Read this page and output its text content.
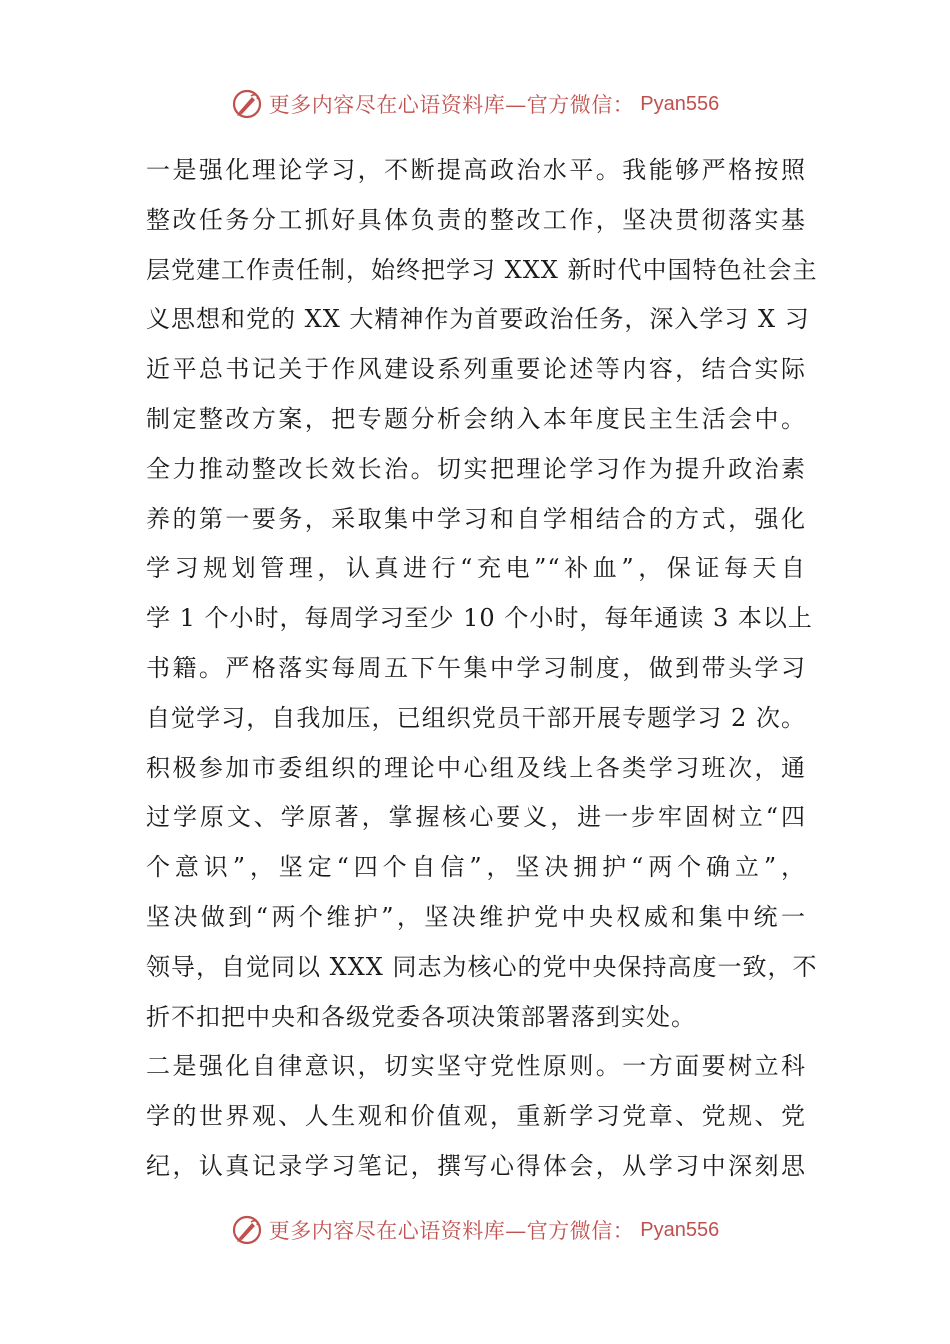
更多内容尽在心语资料库—官方微信： Pyan556
一是强化理论学习，不断提高政治水平。我能够严格按照
整改任务分工抓好具体负责的整改工作，坚决贯彻落实基
层党建工作责任制，始终把学习 XXX 新时代中国特色社会主
义思想和党的 XX 大精神作为首要政治任务，深入学习 X 习
近平总书记关于作风建设系列重要论述等内容，结合实际
制定整改方案，把专题分析会纳入本年度民主生活会中。
全力推动整改长效长治。切实把理论学习作为提升政治素
养的第一要务，采取集中学习和自学相结合的方式，强化
学习规划管理，认真进行“充电”“补血”，保证每天自
学 1 个小时，每周学习至少 10 个小时，每年通读 3 本以上
书籍。严格落实每周五下午集中学习制度，做到带头学习
自觉学习，自我加压，已组织党员干部开展专题学习 2 次。
积极参加市委组织的理论中心组及线上各类学习班次，通
过学原文、学原著，掌握核心要义，进一步牢固树立“四
个意识”，坚定“四个自信”，坚决拥护“两个确立”，
坚决做到“两个维护”，坚决维护党中央权威和集中统一
领导，自觉同以 XXX 同志为核心的党中央保持高度一致，不
折不扣把中央和各级党委各项决策部署落到实处。
二是强化自律意识，切实坚守党性原则。一方面要树立科
学的世界观、人生观和价值观，重新学习党章、党规、党
纪，认真记录学习笔记，撰写心得体会，从学习中深刻思
更多内容尽在心语资料库—官方微信： Pyan556
